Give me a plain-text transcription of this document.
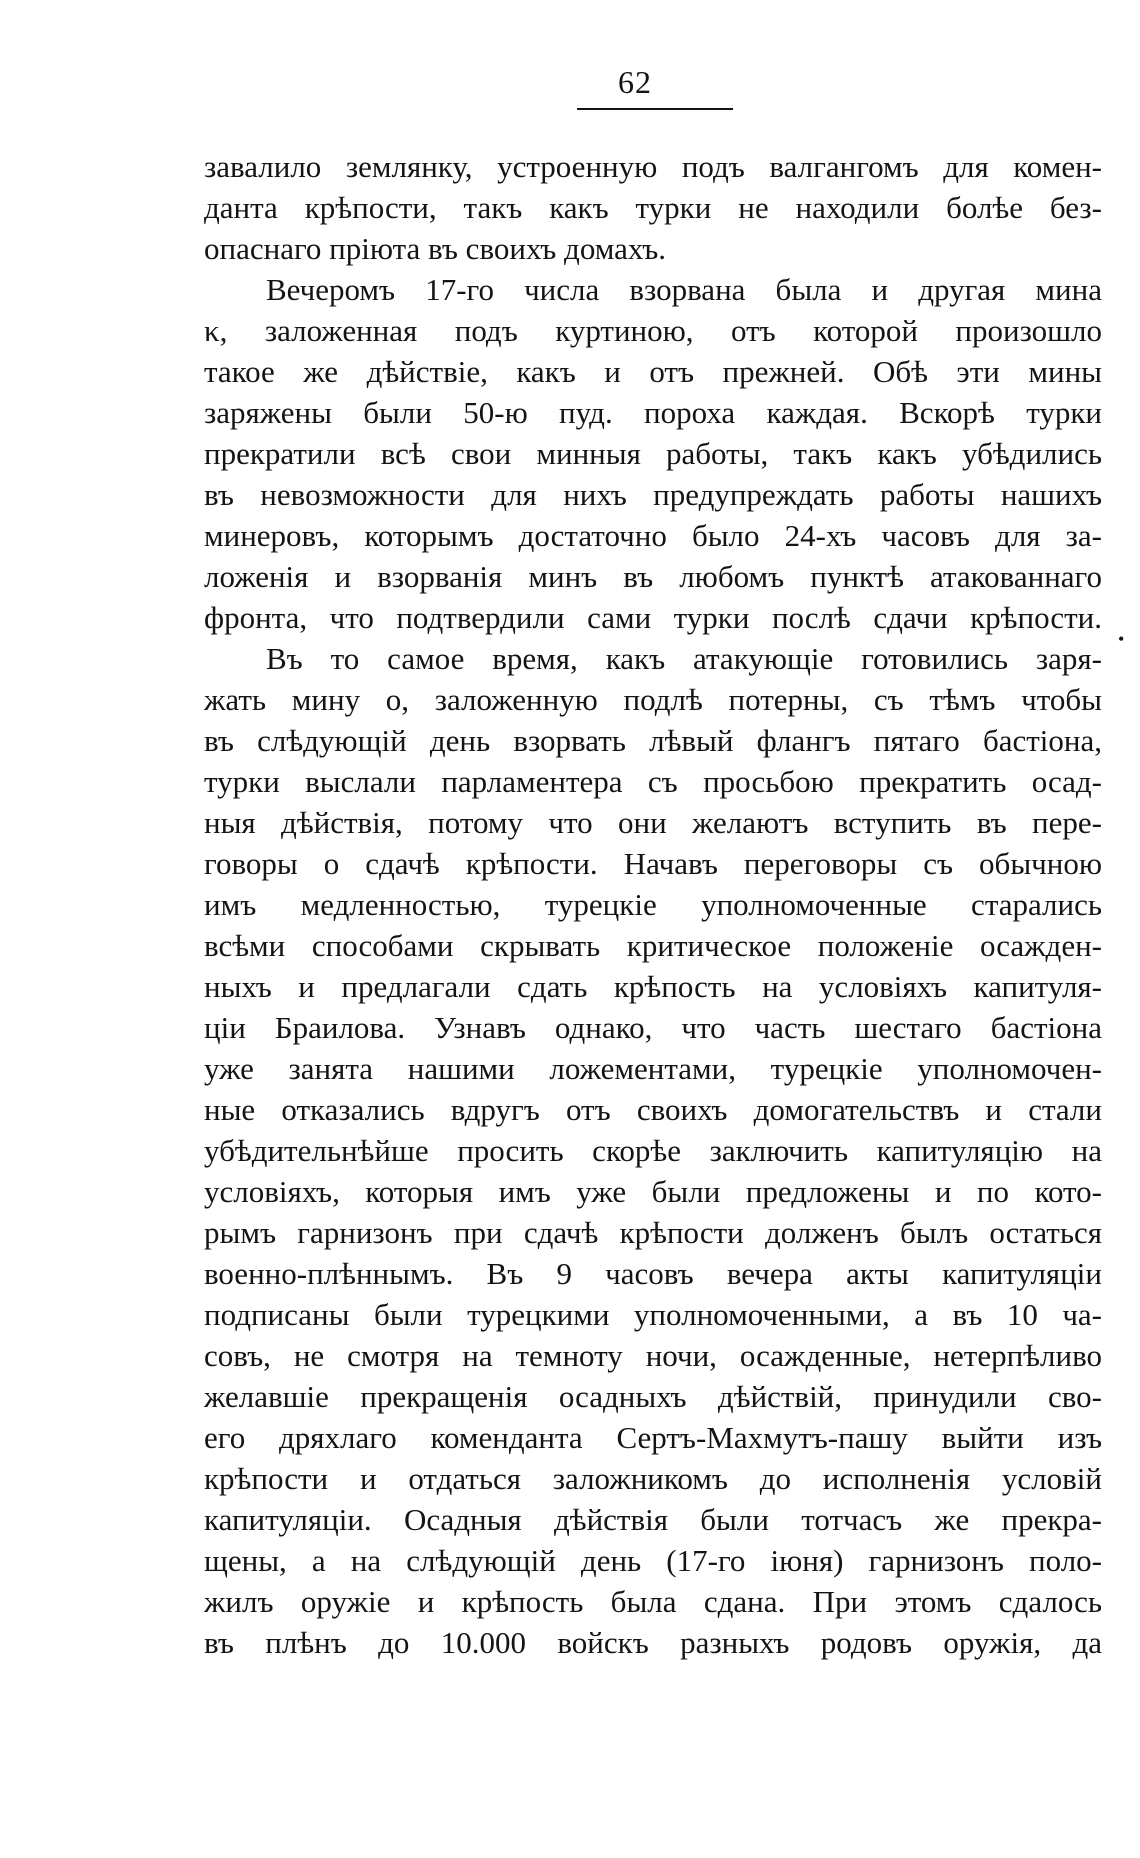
62
завалило землянку, устроенную подъ валгангомъ для комен-
данта крѣпости, такъ какъ турки не находили болѣе без-
опаснаго пріюта въ своихъ домахъ.
Вечеромъ 17-го числа взорвана была и другая мина
κ, заложенная подъ куртиною, отъ которой произошло
такое же дѣйствіе, какъ и отъ прежней. Обѣ эти мины
заряжены были 50-ю пуд. пороха каждая. Вскорѣ турки
прекратили всѣ свои минныя работы, такъ какъ убѣдились
въ невозможности для нихъ предупреждать работы нашихъ
минеровъ, которымъ достаточно было 24-хъ часовъ для за-
ложенія и взорванія минъ въ любомъ пунктѣ атакованнаго
фронта, что подтвердили сами турки послѣ сдачи крѣпости.
Въ то самое время, какъ атакующіе готовились заря-
жать мину о, заложенную подлѣ потерны, съ тѣмъ чтобы
въ слѣдующій день взорвать лѣвый флангъ пятаго бастіона,
турки выслали парламентера съ просьбою прекратить осад-
ныя дѣйствія, потому что они желаютъ вступить въ пере-
говоры о сдачѣ крѣпости. Начавъ переговоры съ обычною
имъ медленностью, турецкіе уполномоченные старались
всѣми способами скрывать критическое положеніе осажден-
ныхъ и предлагали сдать крѣпость на условіяхъ капитуля-
ціи Браилова. Узнавъ однако, что часть шестаго бастіона
уже занята нашими ложементами, турецкіе уполномочен-
ные отказались вдругъ отъ своихъ домогательствъ и стали
убѣдительнѣйше просить скорѣе заключить капитуляцію на
условіяхъ, которыя имъ уже были предложены и по кото-
рымъ гарнизонъ при сдачѣ крѣпости долженъ былъ остаться
военно-плѣннымъ. Въ 9 часовъ вечера акты капитуляціи
подписаны были турецкими уполномоченными, а въ 10 ча-
совъ, не смотря на темноту ночи, осажденные, нетерпѣливо
желавшіе прекращенія осадныхъ дѣйствій, принудили сво-
его дряхлаго коменданта Сертъ-Махмутъ-пашу выйти изъ
крѣпости и отдаться заложникомъ до исполненія условій
капитуляціи. Осадныя дѣйствія были тотчасъ же прекра-
щены, а на слѣдующій день (17-го іюня) гарнизонъ поло-
жилъ оружіе и крѣпость была сдана. При этомъ сдалось
въ плѣнъ до 10.000 войскъ разныхъ родовъ оружія, да
•
